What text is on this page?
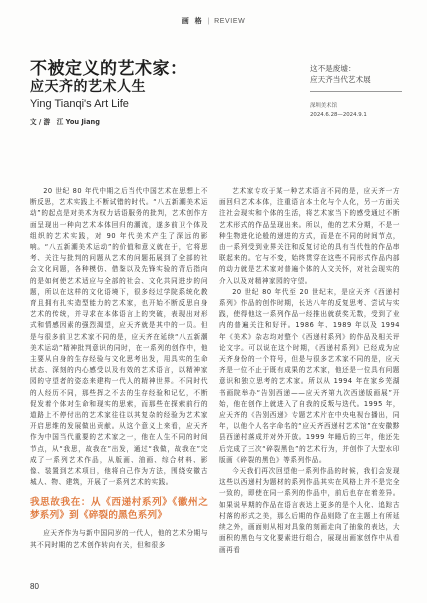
画 格 | REVIEW
不被定义的艺术家：
应天齐的艺术人生
Ying Tianqi's Art Life
文 / 游　江 You Jiang
这不是废墟：
应天齐当代艺术展
深圳美术馆
2024.6.28—2024.9.1

20 世纪 80 年代中期之后当代中国艺术在思想上不断反思，艺术实践上不断试错的时代。“八五新潮美术运动”的起点是对美术为权力话语服务的批判，艺术创作方面呈现出一种向艺术本体回归的潮流，遂多前卫个体及组织的艺术实践，对 90 年代美术产生了深远的影响。“八五新潮美术运动”的价值和意义就在于，它将思考、关注与批判的问题从艺术的问题拓展到了全部的社会文化问题，各种模仿、借鉴以及先锋实验的背后指向的是如何使艺术适应与全部的社会、文化共同进步的问题，所以在这样的文化语境下，很多经过学院系统化教育且拥有扎实造型能力的艺术家，也开始不断反思自身艺术的传统，并寻求在本体语言上的突破，表现出对形式和情感因素的强烈渴望，应天齐就是其中的一员。但是与很多前卫艺术家不同的是，应天齐在延续“八五新潮美术运动”精神批判意识的同时，在一系列的创作中，他主要从自身的生存经验与文化思考出发，用具实的生命状态、深刻的内心感受以及有效的艺术语言，以精神家园的守望者的姿态来建构一代人的精神世界。不同时代的人经历不同，那些挥之不去的生存经验和记忆，不断促发着个体对生命和现实的思索，而那些在探索前行的道路上不停付出的艺术家往往以其复杂的经验为艺术家开启思维的发展做出贡献。从这个意义上来看，应天齐作为中国当代重要的艺术家之一，他在人生不同的时间节点，从“我思，故我在”出发，通过“我做，故我在”完成了一系列艺术作品，从版画、油画、综合材料、影像、装置到艺术项目，他将自己作为方法，围绕安徽古城人、物、建筑，开展了一系列艺术的实践。

我思故我在：从《西递村系列》《徽州之梦系列》到《碎裂的黑色系列》

应天齐作为与新中国同岁的一代人，他的艺术分期与其不同时期的艺术创作转向有关，但和很多

艺术家专攻于某一种艺术语言不同的是，应天齐一方面回归艺术本体，注重语言本土化与个人化，另一方面关注社会现实和个体的生活，将艺术家当下的感受通过不断艺术形式的作品呈现出来。所以，他的艺术分期，不是一种生物进化论般的递进的方式，而是在不同的时间节点，由一系列受到业界关注和反复讨论的具有当代性的作品串联起来的。它与不变，始终贯穿在这些不同形式作品内部的动力就是艺术家对普遍个体的人文关怀，对社会现实的介入以及对精神家园的守望。

20 世纪 80 年代至 20 世纪末，是应天齐《西递村系列》作品的创作时期，长达八年的反复思考、尝试与实践，使得他这一系列作品一经推出就获奖无数，受到了业内的普遍关注和好评。1986 年、1989 年以及 1994 年《美术》杂志均对整个《西递村系列》的作品及相关评论文字。可以说在这个时期，《西递村系列》已经成为应天齐身份的一个符号，但是与很多艺术家不同的是，应天齐是一位不止于既有成果的艺术家，他还是一位具有问题意识和独立思考的艺术家。所以从 1994 年在家乡芜湖书画院举办“告别西递——应天齐第九次西递版画展”开始，他在创作上就进入了自我的反叛与迭代。1995 年，应天齐的《告别西递》专题艺术片在中央电视台播出，同年，以他个人名字命名的“应天齐西递村艺术馆”在安徽黟县西递村落成并对外开放。1999 年睡后的三年，他还先后完成了三次“碎裂黑色”的艺术行为，并创作了大型水印版画《碎裂的黑色》等系列作品。

今天我们再次回望他一系列作品的时候，我们会发现这些以西递村为题材的系列作品其实在风格上并不是完全一致的，即使在同一系列的作品中，前后也存在着差异。如果说早期的作品在语言表达上更多的是个人化、追踪古村落的形式之美，那么后期的作品则除了在主题上有所延续之外，画面则从相对具象的刻画走向了抽象的表达，大面积的黑色与文化要素进行组合，展现出画家创作中从看画再看

80
